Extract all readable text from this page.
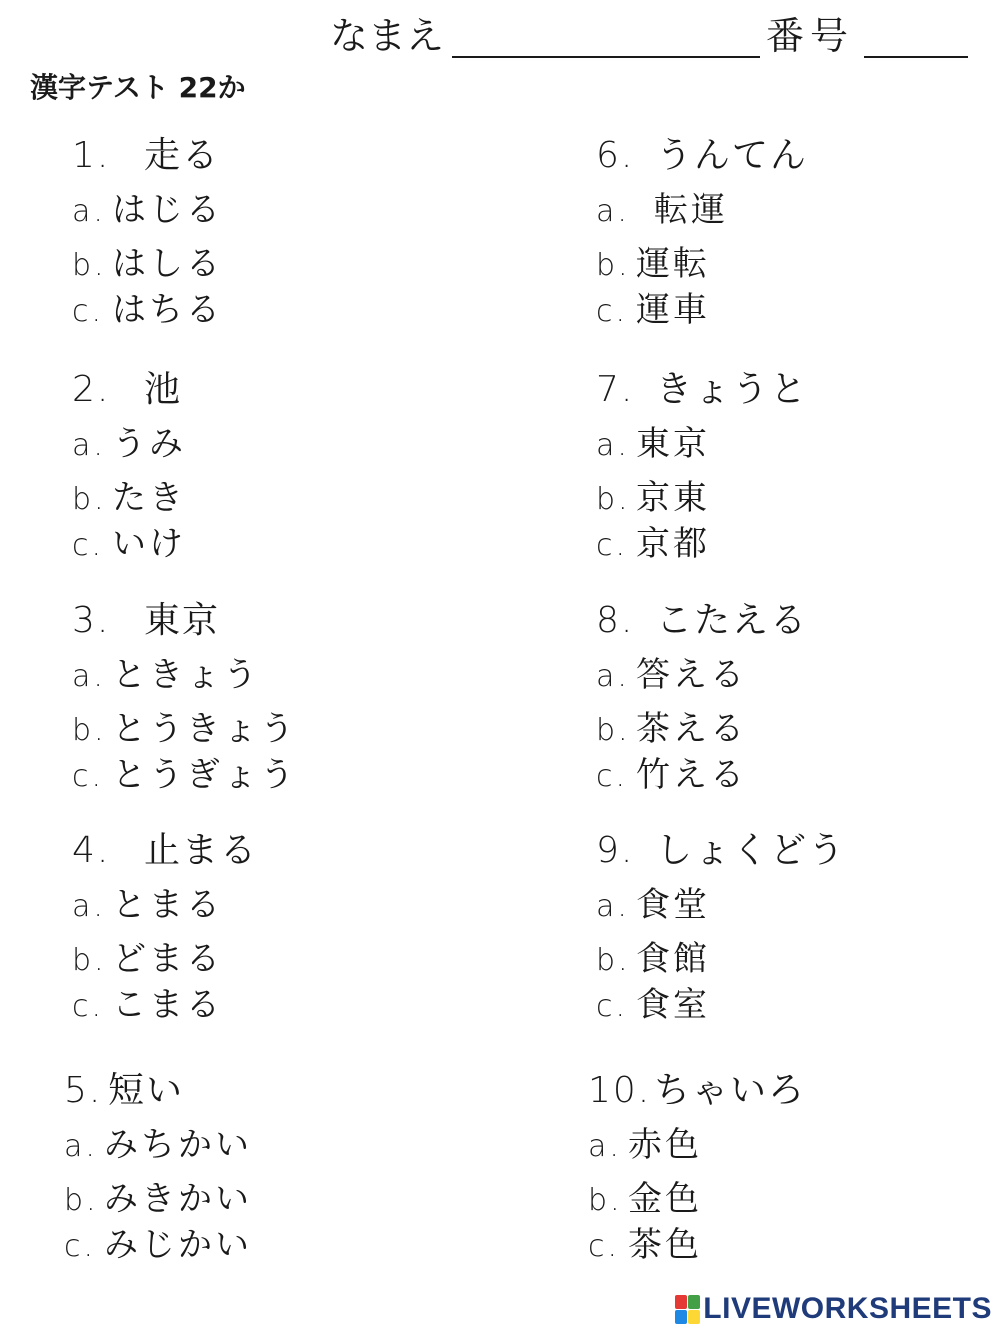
なまえ	番号
漢字テスト 22か
1. 走る
a. はじる
b. はしる
c. はちる
2. 池
a. うみ
b. たき
c. いけ
3. 東京
a. ときょう
b. とうきょう
c. とうぎょう
4. 止まる
a. とまる
b. どまる
c. こまる
5. 短い
a. みちかい
b. みきかい
c. みじかい
6. うんてん
a. 転運
b. 運転
c. 運車
7. きょうと
a. 東京
b. 京東
c. 京都
8. こたえる
a. 答える
b. 茶える
c. 竹える
9. しょくどう
a. 食堂
b. 食館
c. 食室
10. ちゃいろ
a. 赤色
b. 金色
c. 茶色
LIVEWORKSHEETS
